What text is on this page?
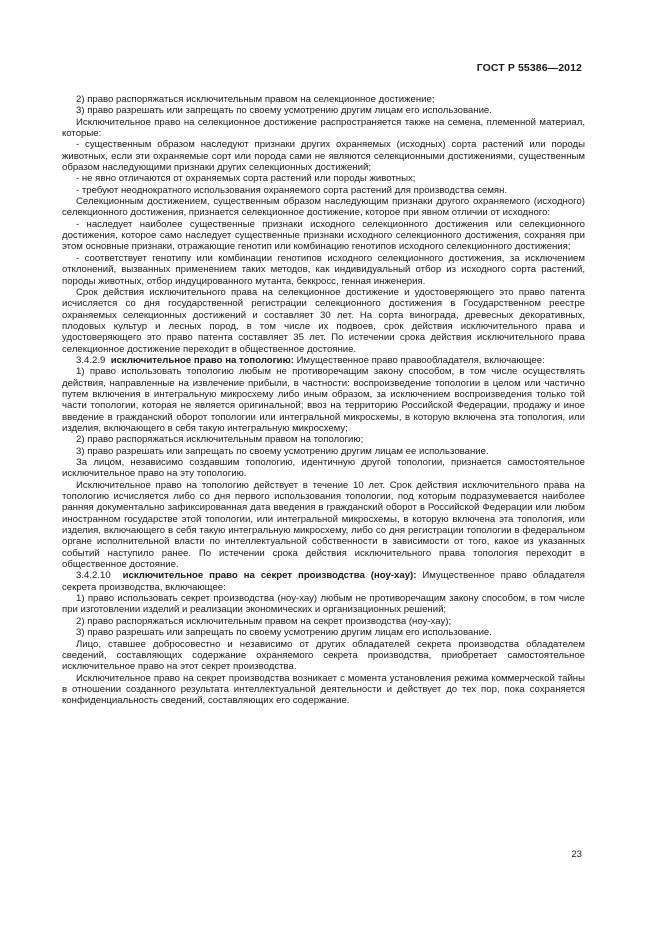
ГОСТ Р 55386—2012

2) право распоряжаться исключительным правом на селекционное достижение;

3) право разрешать или запрещать по своему усмотрению другим лицам его использование.

Исключительное право на селекционное достижение распространяется также на семена, племенной материал, которые:

- существенным образом наследуют признаки других охраняемых (исходных) сорта растений или породы животных, если эти охраняемые сорт или порода сами не являются селекционными достижениями, существенным образом наследующими признаки других селекционных достижений;

- не явно отличаются от охраняемых сорта растений или породы животных;

- требуют неоднократного использования охраняемого сорта растений для производства семян.

Селекционным достижением, существенным образом наследующим признаки другого охраняемого (исходного) селекционного достижения, признается селекционное достижение, которое при явном отличии от исходного:

- наследует наиболее существенные признаки исходного селекционного достижения или селекционного достижения, которое само наследует существенные признаки исходного селекционного достижения, сохраняя при этом основные признаки, отражающие генотип или комбинацию генотипов исходного селекционного достижения;

- соответствует генотипу или комбинации генотипов исходного селекционного достижения, за исключением отклонений, вызванных применением таких методов, как индивидуальный отбор из исходного сорта растений, породы животных, отбор индуцированного мутанта, беккросс, генная инженерия.

Срок действия исключительного права на селекционное достижение и удостоверяющего это право патента исчисляется со дня государственной регистрации селекционного достижения в Государственном реестре охраняемых селекционных достижений и составляет 30 лет. На сорта винограда, древесных декоративных, плодовых культур и лесных пород, в том числе их подвоев, срок действия исключительного права и удостоверяющего это право патента составляет 35 лет. По истечении срока действия исключительного права селекционное достижение переходит в общественное достояние.

3.4.2.9 исключительное право на топологию: Имущественное право правообладателя, включающее:

1) право использовать топологию любым не противоречащим закону способом, в том числе осуществлять действия, направленные на извлечение прибыли, в частности: воспроизведение топологии в целом или частично путем включения в интегральную микросхему либо иным образом, за исключением воспроизведения только той части топологии, которая не является оригинальной; ввоз на территорию Российской Федерации, продажу и иное введение в гражданский оборот топологии или интегральной микросхемы, в которую включена эта топология, или изделия, включающего в себя такую интегральную микросхему;

2) право распоряжаться исключительным правом на топологию;

3) право разрешать или запрещать по своему усмотрению другим лицам ее использование.

За лицом, независимо создавшим топологию, идентичную другой топологии, признается самостоятельное исключительное право на эту топологию.

Исключительное право на топологию действует в течение 10 лет. Срок действия исключительного права на топологию исчисляется либо со дня первого использования топологии, под которым подразумевается наиболее ранняя документально зафиксированная дата введения в гражданский оборот в Российской Федерации или любом иностранном государстве этой топологии, или интегральной микросхемы, в которую включена эта топология, или изделия, включающего в себя такую интегральную микросхему, либо со дня регистрации топологии в федеральном органе исполнительной власти по интеллектуальной собственности в зависимости от того, какое из указанных событий наступило ранее. По истечении срока действия исключительного права топология переходит в общественное достояние.

3.4.2.10 исключительное право на секрет производства (ноу-хау): Имущественное право обладателя секрета производства, включающее:

1) право использовать секрет производства (ноу-хау) любым не противоречащим закону способом, в том числе при изготовлении изделий и реализации экономических и организационных решений;

2) право распоряжаться исключительным правом на секрет производства (ноу-хау);

3) право разрешать или запрещать по своему усмотрению другим лицам его использование.

Лицо, ставшее добросовестно и независимо от других обладателей секрета производства обладателем сведений, составляющих содержание охраняемого секрета производства, приобретает самостоятельное исключительное право на этот секрет производства.

Исключительное право на секрет производства возникает с момента установления режима коммерческой тайны в отношении созданного результата интеллектуальной деятельности и действует до тех пор, пока сохраняется конфиденциальность сведений, составляющих его содержание.

23
